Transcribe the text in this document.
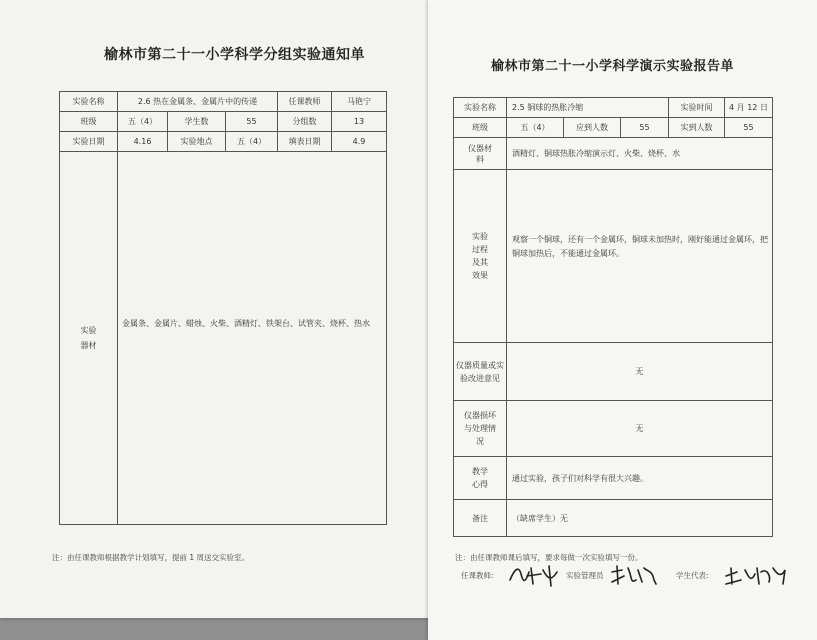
榆林市第二十一小学科学分组实验通知单
实验名称	2.6 热在金属条、金属片中的传递			任课教师	马艳宁
班级	五（4）	学生数	55	分组数	13
实验日期	4.16	实验地点	五（4）	填表日期	4.9
实验器材	金属条、金属片、蜡烛、火柴、酒精灯、铁架台、试管夹、烧杯、热水				
注：由任课教师根据教学计划填写，提前 1 周送交实验室。
榆林市第二十一小学科学演示实验报告单
实验名称	2.5 铜球的热胀冷缩			实验时间	4 月 12 日
班级	五（4）	应到人数	55	实到人数	55
仪器材料	酒精灯、铜球热胀冷缩演示灯、火柴、烧杯、水				
实验过程及其效果	观察一个铜球，还有一个金属环，铜球未加热时，刚好能通过金属环，把铜球加热后，不能通过金属环。				
仪器质量或实验改进意见	无				
仪器损坏与处理情况	无				
教学心得	通过实验，孩子们对科学有很大兴趣。				
备注	（缺席学生）无				
注：由任课教师课后填写，要求每做一次实验填写一份。
任课教师:	实验管理员	学生代表:
